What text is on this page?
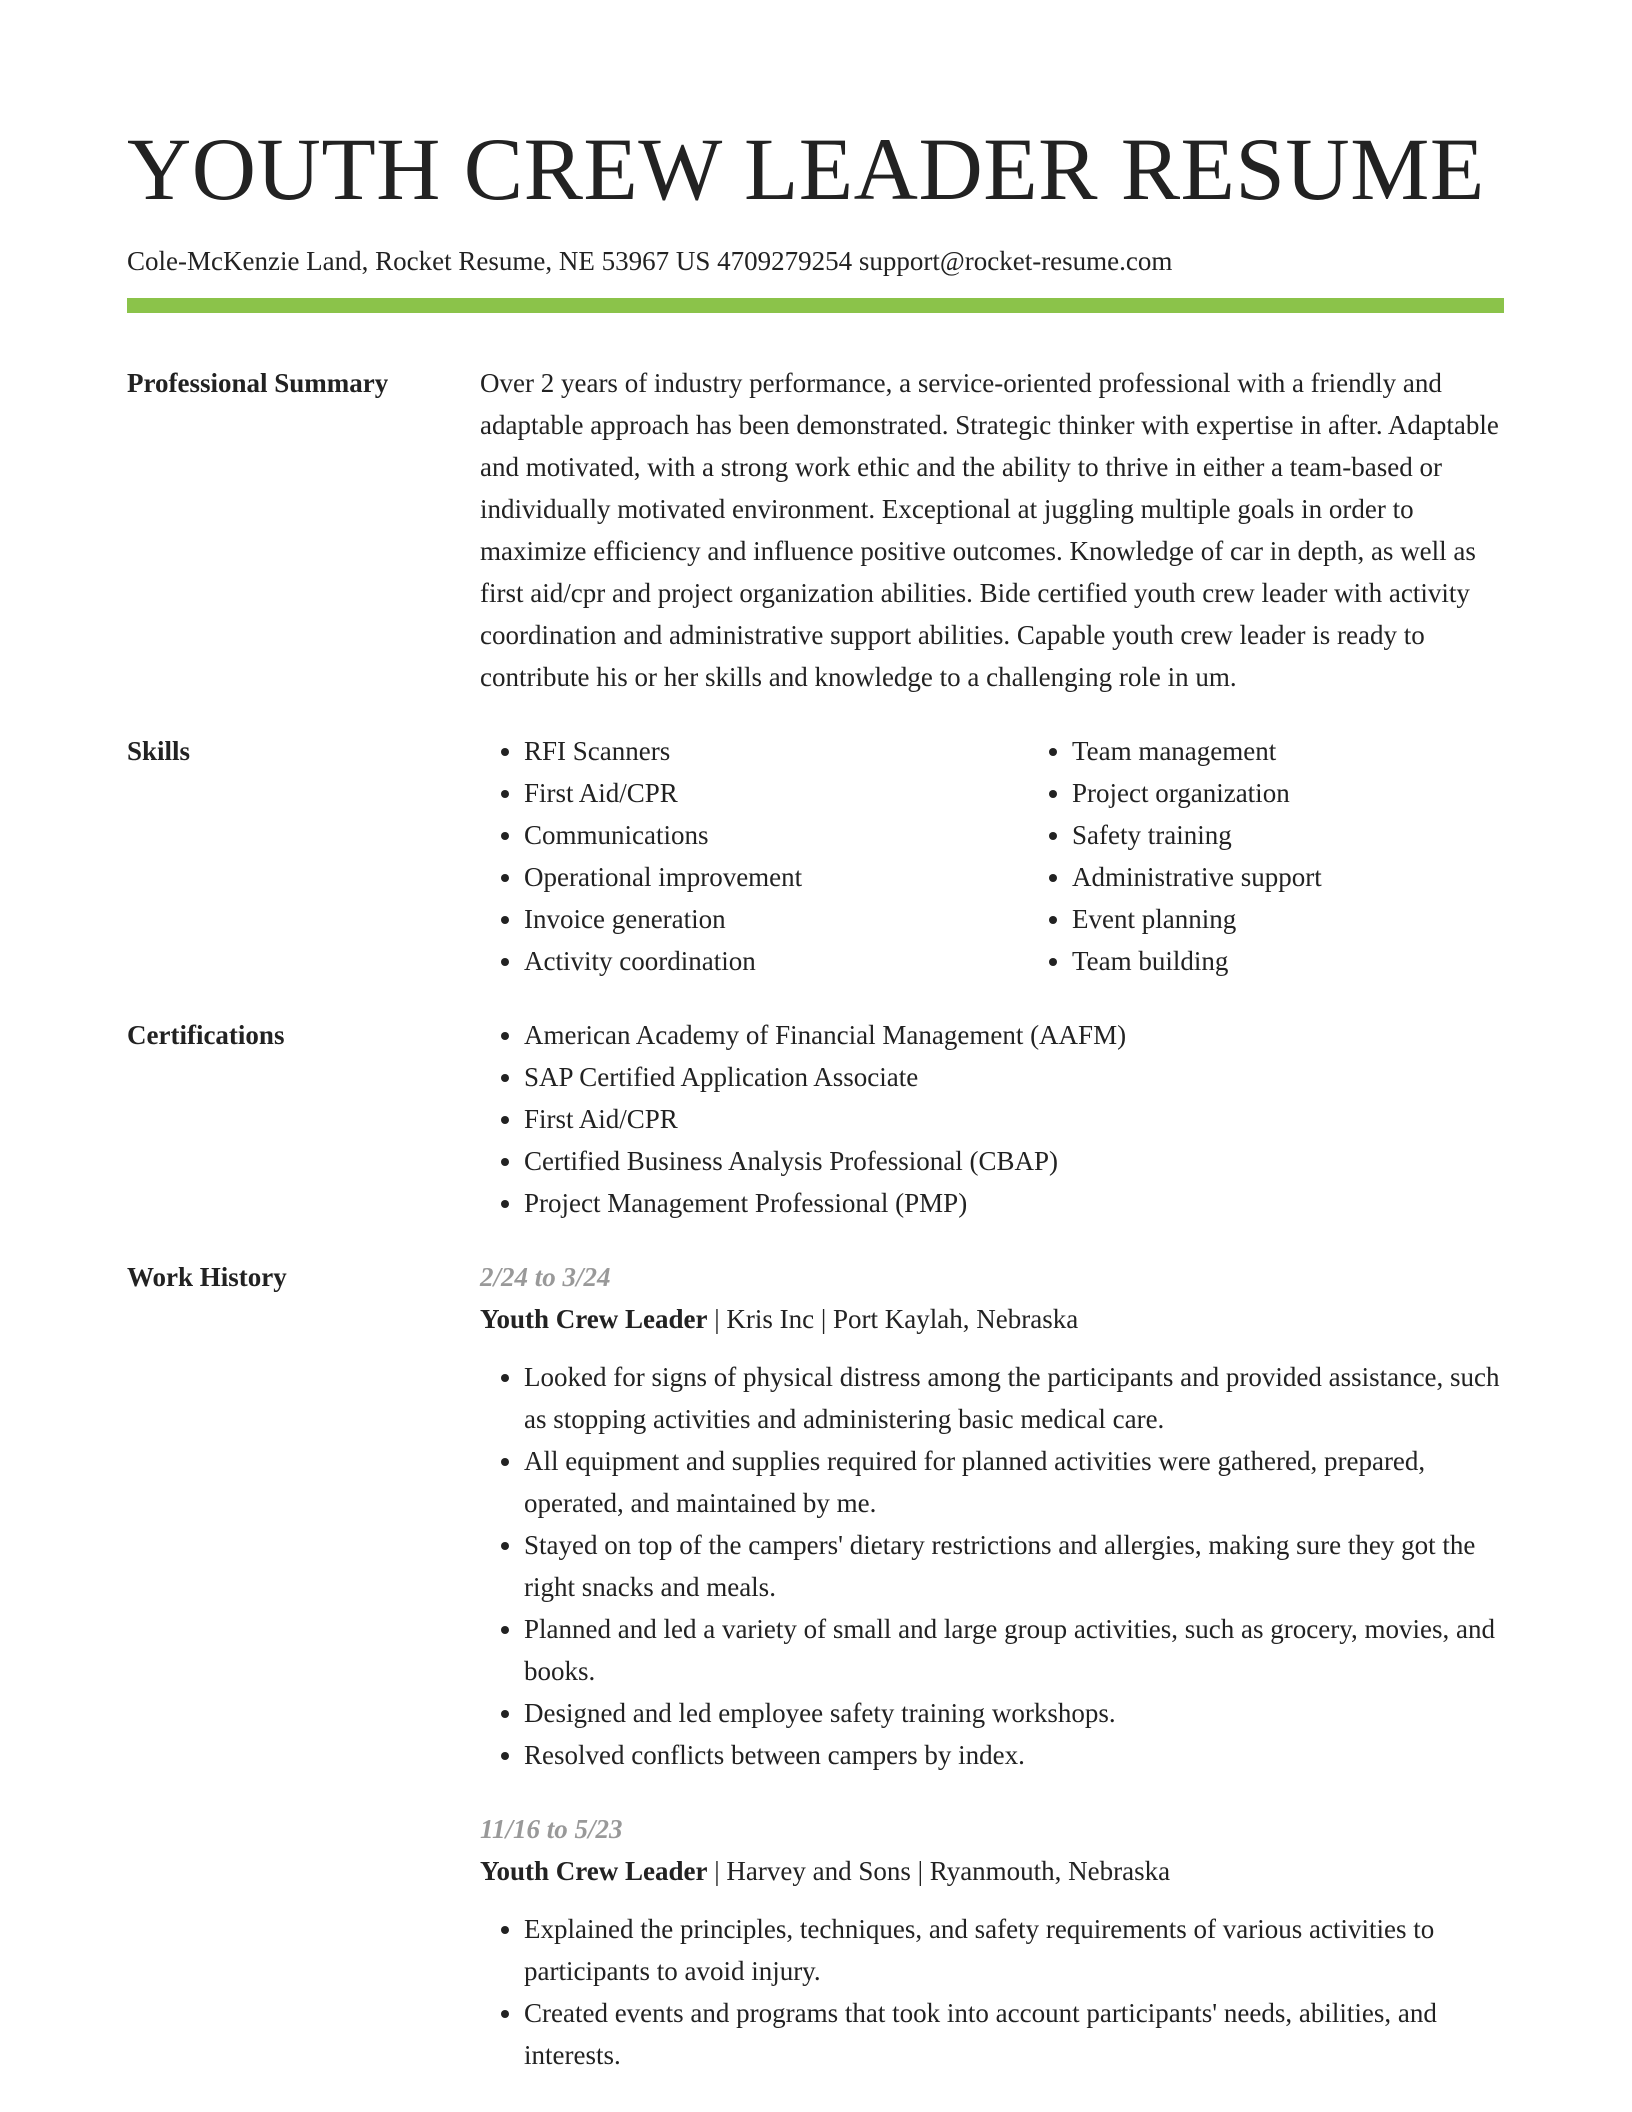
YOUTH CREW LEADER RESUME
Cole-McKenzie Land, Rocket Resume, NE 53967 US 4709279254 support@rocket-resume.com
Professional Summary	Over 2 years of industry performance, a service-oriented professional with a friendly and adaptable approach has been demonstrated. Strategic thinker with expertise in after. Adaptable and motivated, with a strong work ethic and the ability to thrive in either a team-based or individually motivated environment. Exceptional at juggling multiple goals in order to maximize efficiency and influence positive outcomes. Knowledge of car in depth, as well as first aid/cpr and project organization abilities. Bide certified youth crew leader with activity coordination and administrative support abilities. Capable youth crew leader is ready to contribute his or her skills and knowledge to a challenging role in um.
Skills	• RFI Scanners
• First Aid/CPR
• Communications
• Operational improvement
• Invoice generation
• Activity coordination
• Team management
• Project organization
• Safety training
• Administrative support
• Event planning
• Team building
Certifications	• American Academy of Financial Management (AAFM)
• SAP Certified Application Associate
• First Aid/CPR
• Certified Business Analysis Professional (CBAP)
• Project Management Professional (PMP)
Work History	2/24 to 3/24
Youth Crew Leader | Kris Inc | Port Kaylah, Nebraska
• Looked for signs of physical distress among the participants and provided assistance, such as stopping activities and administering basic medical care.
• All equipment and supplies required for planned activities were gathered, prepared, operated, and maintained by me.
• Stayed on top of the campers' dietary restrictions and allergies, making sure they got the right snacks and meals.
• Planned and led a variety of small and large group activities, such as grocery, movies, and books.
• Designed and led employee safety training workshops.
• Resolved conflicts between campers by index.
11/16 to 5/23
Youth Crew Leader | Harvey and Sons | Ryanmouth, Nebraska
• Explained the principles, techniques, and safety requirements of various activities to participants to avoid injury.
• Created events and programs that took into account participants' needs, abilities, and interests.
